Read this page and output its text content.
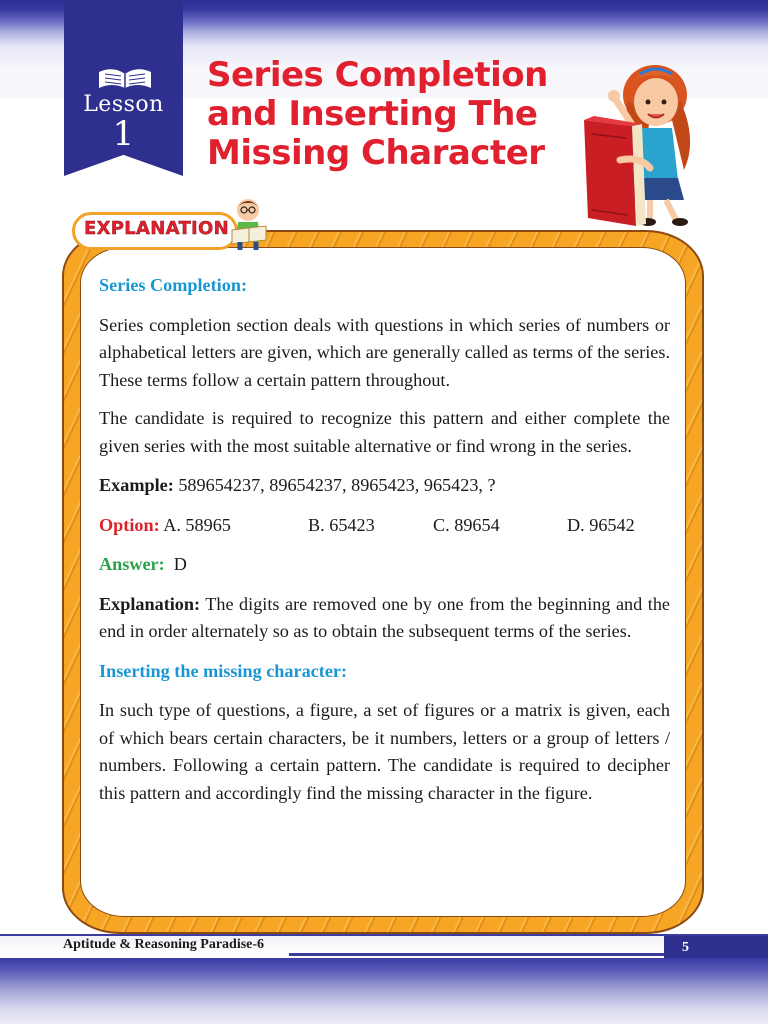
Lesson
1
Series Completion
and Inserting The
Missing Character
EXPLANATION

Series Completion:

Series completion section deals with questions in which series of numbers or alphabetical letters are given, which are generally called as terms of the series. These terms follow a certain pattern throughout.

The candidate is required to recognize this pattern and either complete the given series with the most suitable alternative or find wrong in the series.

Example: 589654237, 89654237, 8965423, 965423, ?

Option: A. 58965	B. 65423	C. 89654	D. 96542

Answer: D

Explanation: The digits are removed one by one from the beginning and the end in order alternately so as to obtain the subsequent terms of the series.

Inserting the missing character:

In such type of questions, a figure, a set of figures or a matrix is given, each of which bears certain characters, be it numbers, letters or a group of letters / numbers. Following a certain pattern. The candidate is required to decipher this pattern and accordingly find the missing character in the figure.

Aptitude & Reasoning Paradise-6	5
